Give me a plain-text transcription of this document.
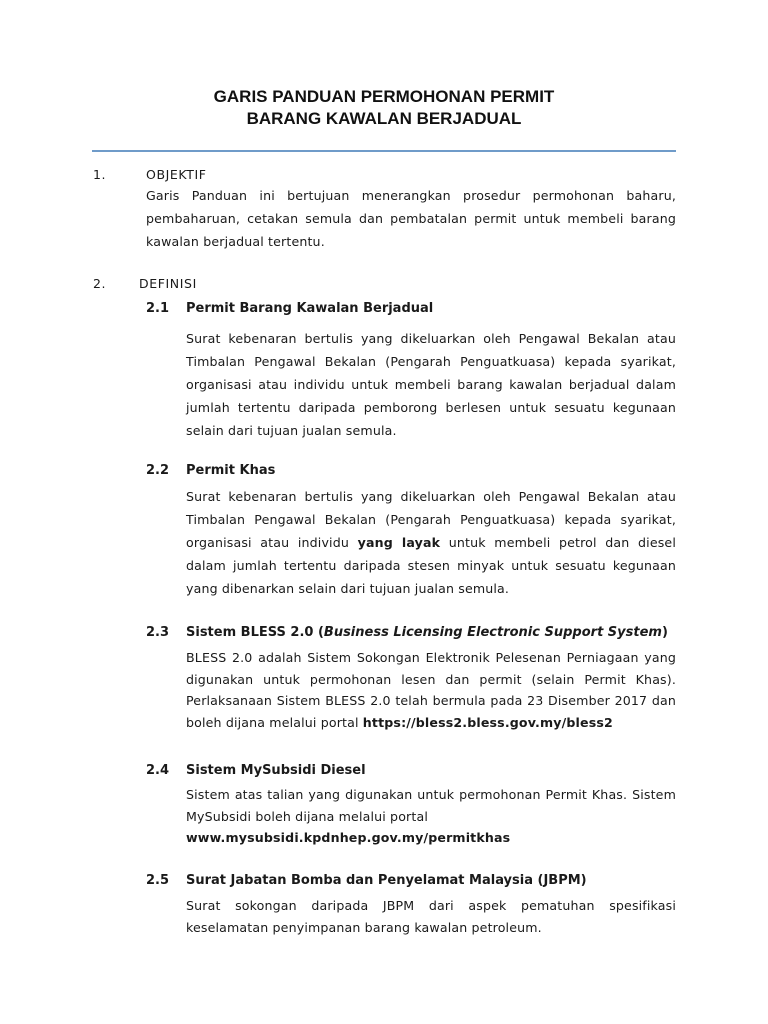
GARIS PANDUAN PERMOHONAN PERMIT
BARANG KAWALAN BERJADUAL
1.	OBJEKTIF
Garis Panduan ini bertujuan menerangkan prosedur permohonan baharu, pembaharuan, cetakan semula dan pembatalan permit untuk membeli barang kawalan berjadual tertentu.
2.	DEFINISI
2.1 Permit Barang Kawalan Berjadual
Surat kebenaran bertulis yang dikeluarkan oleh Pengawal Bekalan atau Timbalan Pengawal Bekalan (Pengarah Penguatkuasa) kepada syarikat, organisasi atau individu untuk membeli barang kawalan berjadual dalam jumlah tertentu daripada pemborong berlesen untuk sesuatu kegunaan selain dari tujuan jualan semula.
2.2 Permit Khas
Surat kebenaran bertulis yang dikeluarkan oleh Pengawal Bekalan atau Timbalan Pengawal Bekalan (Pengarah Penguatkuasa) kepada syarikat, organisasi atau individu yang layak untuk membeli petrol dan diesel dalam jumlah tertentu daripada stesen minyak untuk sesuatu kegunaan yang dibenarkan selain dari tujuan jualan semula.
2.3 Sistem BLESS 2.0 (Business Licensing Electronic Support System)
BLESS 2.0 adalah Sistem Sokongan Elektronik Pelesenan Perniagaan yang digunakan untuk permohonan lesen dan permit (selain Permit Khas). Perlaksanaan Sistem BLESS 2.0 telah bermula pada 23 Disember 2017 dan boleh dijana melalui portal https://bless2.bless.gov.my/bless2
2.4 Sistem MySubsidi Diesel
Sistem atas talian yang digunakan untuk permohonan Permit Khas. Sistem MySubsidi boleh dijana melalui portal
www.mysubsidi.kpdnhep.gov.my/permitkhas
2.5 Surat Jabatan Bomba dan Penyelamat Malaysia (JBPM)
Surat sokongan daripada JBPM dari aspek pematuhan spesifikasi keselamatan penyimpanan barang kawalan petroleum.
